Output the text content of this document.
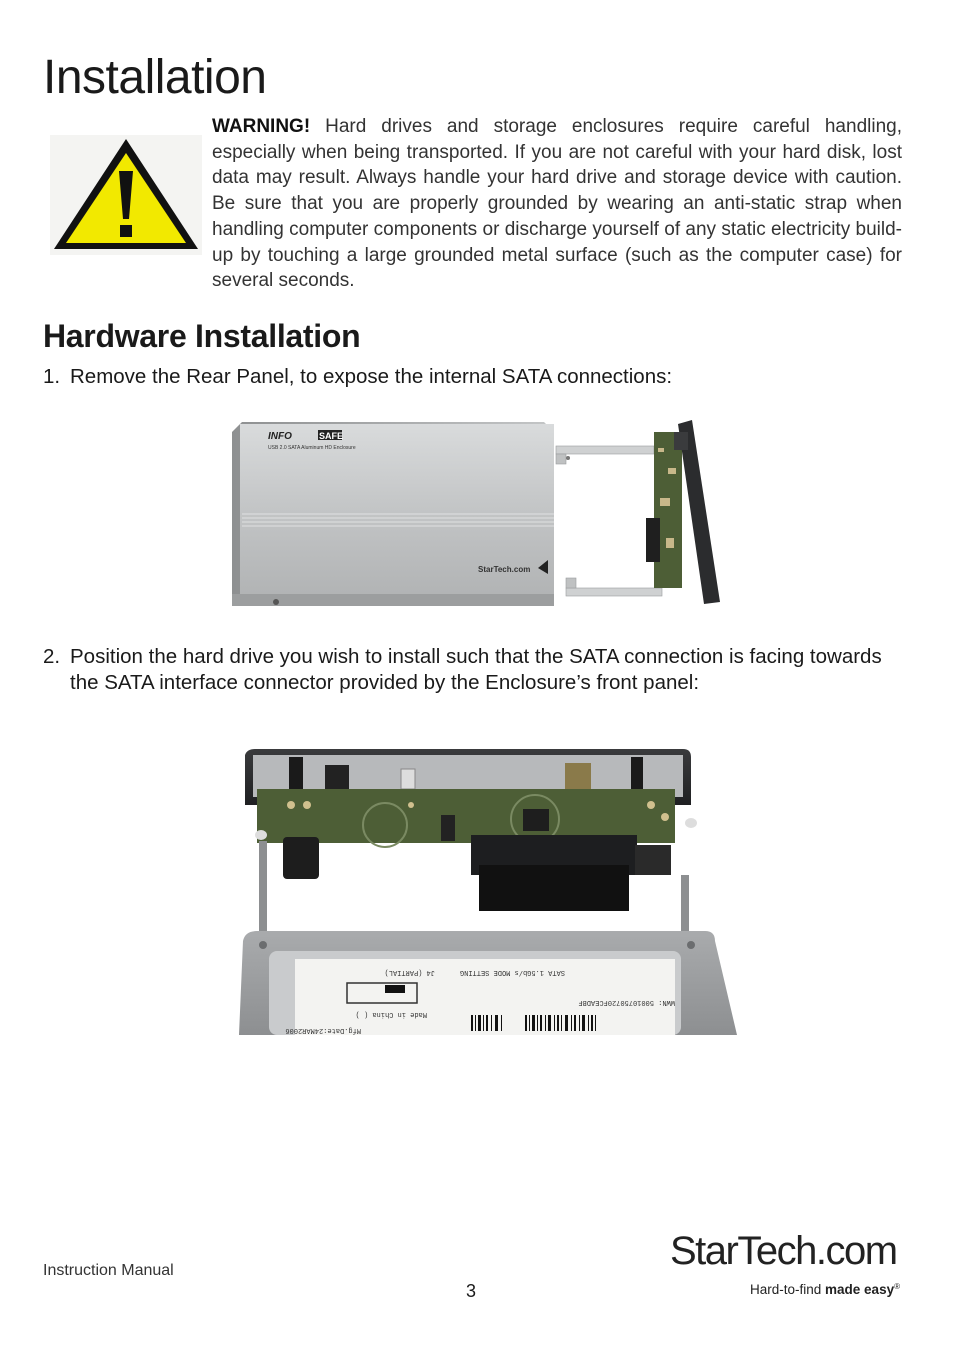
Installation

WARNING! Hard drives and storage enclosures require careful handling, especially when being transported. If you are not careful with your hard disk, lost data may result. Always handle your hard drive and storage device with caution. Be sure that you are properly grounded by wearing an anti-static strap when handling computer components or discharge yourself of any static electricity build-up by touching a large grounded metal surface (such as the computer case) for several seconds.

Hardware Installation
1. Remove the Rear Panel, to expose the internal SATA connections:
INFO	SAFE
USB 2.0 SATA Aluminum HD Enclosure
StarTech.com
2. Position the hard drive you wish to install such that the SATA connection is facing towards the SATA interface connector provided by the Enclosure’s front panel:
SATA 1.5Gb/s MODE SETTING
J4 (PARTIAL)
Made in China ( )
Mfg.Date:24MAR2006
WWN: 50010750720FCEADBF
Instruction Manual
3
StarTech.com
Hard-to-find made easy®
